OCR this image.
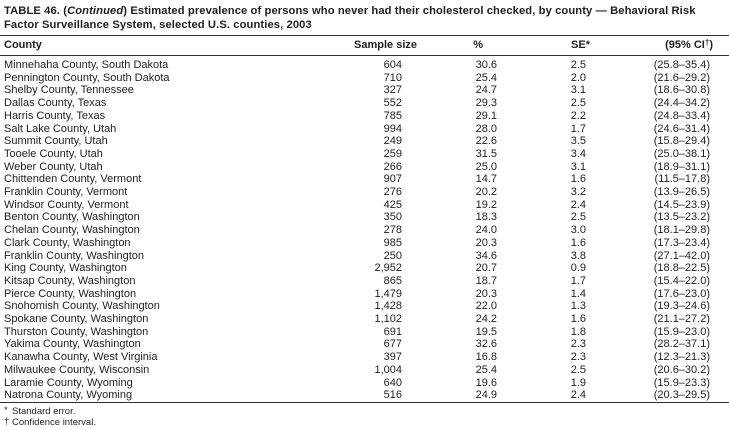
TABLE 46. (Continued) Estimated prevalence of persons who never had their cholesterol checked, by county — Behavioral Risk Factor Surveillance System, selected U.S. counties, 2003
County	Sample size	%	SE*	(95% CI†)
Minnehaha County, South Dakota	604	30.6	2.5	(25.8–35.4)
Pennington County, South Dakota	710	25.4	2.0	(21.6–29.2)
Shelby County, Tennessee	327	24.7	3.1	(18.6–30.8)
Dallas County, Texas	552	29.3	2.5	(24.4–34.2)
Harris County, Texas	785	29.1	2.2	(24.8–33.4)
Salt Lake County, Utah	994	28.0	1.7	(24.6–31.4)
Summit County, Utah	249	22.6	3.5	(15.8–29.4)
Tooele County, Utah	259	31.5	3.4	(25.0–38.1)
Weber County, Utah	266	25.0	3.1	(18.9–31.1)
Chittenden County, Vermont	907	14.7	1.6	(11.5–17.8)
Franklin County, Vermont	276	20.2	3.2	(13.9–26.5)
Windsor County, Vermont	425	19.2	2.4	(14.5–23.9)
Benton County, Washington	350	18.3	2.5	(13.5–23.2)
Chelan County, Washington	278	24.0	3.0	(18.1–29.8)
Clark County, Washington	985	20.3	1.6	(17.3–23.4)
Franklin County, Washington	250	34.6	3.8	(27.1–42.0)
King County, Washington	2,952	20.7	0.9	(18.8–22.5)
Kitsap County, Washington	865	18.7	1.7	(15.4–22.0)
Pierce County, Washington	1,479	20.3	1.4	(17.6–23.0)
Snohomish County, Washington	1,428	22.0	1.3	(19.3–24.6)
Spokane County, Washington	1,102	24.2	1.6	(21.1–27.2)
Thurston County, Washington	691	19.5	1.8	(15.9–23.0)
Yakima County, Washington	677	32.6	2.3	(28.2–37.1)
Kanawha County, West Virginia	397	16.8	2.3	(12.3–21.3)
Milwaukee County, Wisconsin	1,004	25.4	2.5	(20.6–30.2)
Laramie County, Wyoming	640	19.6	1.9	(15.9–23.3)
Natrona County, Wyoming	516	24.9	2.4	(20.3–29.5)
* Standard error.
† Confidence interval.
